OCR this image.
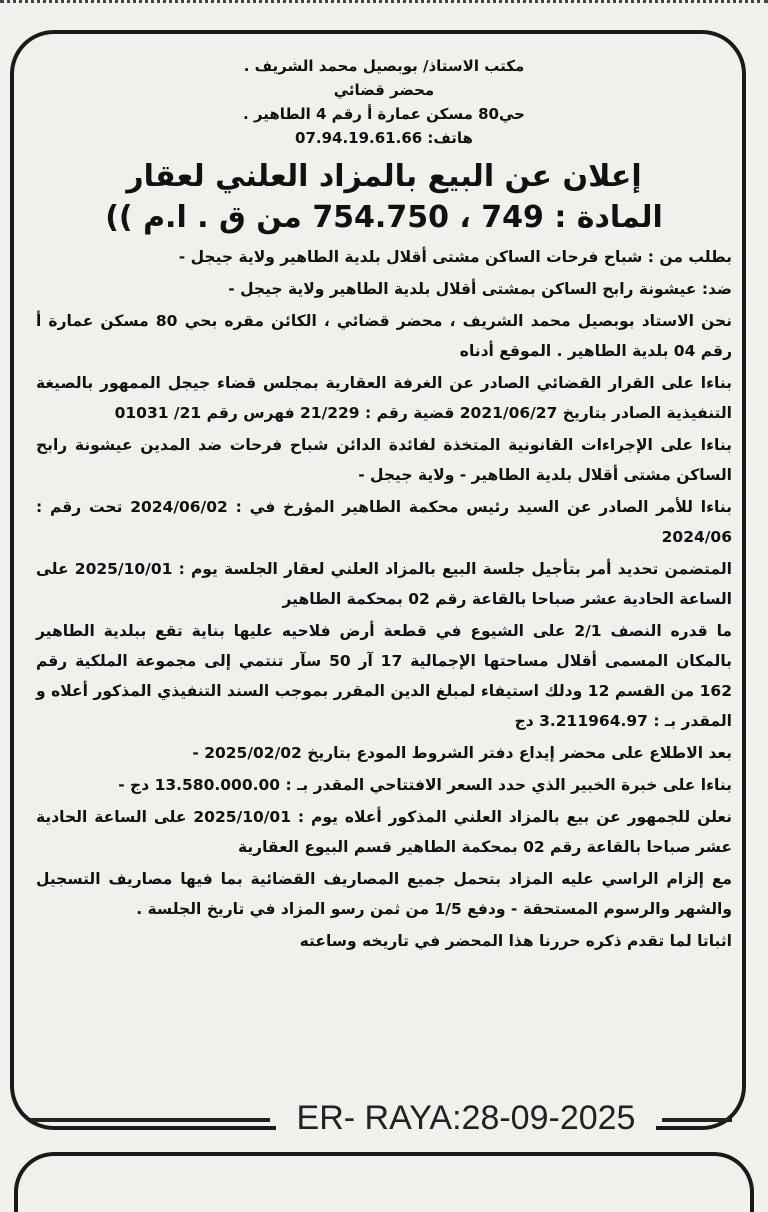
مكتب الاستاذ/ بوبصيل محمد الشريف .
محضر قضائي
حي80 مسكن عمارة أ رقم 4 الطاهير .
هاتف: 07.94.19.61.66
إعلان عن البيع بالمزاد العلني لعقار
المادة : 749 ، 754.750 من ق . ا.م ))

بطلب من : شباح فرحات الساكن مشتى أقلال بلدية الطاهير ولاية جيجل -

ضد: عيشونة رابح الساكن بمشتى أقلال بلدية الطاهير ولاية جيجل -

نحن الاستاد بوبصيل محمد الشريف ، محضر قضائي ، الكائن مقره بحي 80 مسكن عمارة أ رقم 04 بلدية الطاهير . الموقع أدناه

بناءا على القرار القضائي الصادر عن الغرفة العقارية بمجلس قضاء جيجل الممهور بالصيغة التنفيذية الصادر بتاريخ 2021/06/27 قضية رقم : 21/229 فهرس رقم 21/ 01031

بناءا على الإجراءات القانونية المتخذة لفائدة الدائن شباح فرحات ضد المدين عيشونة رابح الساكن مشتى أقلال بلدية الطاهير - ولاية جيجل -

بناءا للأمر الصادر عن السيد رئيس محكمة الطاهير المؤرخ في : 2024/06/02 تحت رقم : 2024/06

المتضمن تحديد أمر بتأجيل جلسة البيع بالمزاد العلني لعقار الجلسة يوم : 2025/10/01 على الساعة الحادية عشر صباحا بالقاعة رقم 02 بمحكمة الطاهير

ما قدره النصف 2/1 على الشيوع في قطعة أرض فلاحيه عليها بناية تقع ببلدية الطاهير بالمكان المسمى أقلال مساحتها الإجمالية 17 آر 50 سآر تنتمي إلى مجموعة الملكية رقم 162 من القسم 12 ودلك استيفاء لمبلغ الدين المقرر بموجب السند التنفيذي المذكور أعلاه و المقدر بـ : 3.211964.97 دج

بعد الاطلاع على محضر إيداع دفتر الشروط المودع بتاريخ 2025/02/02 -

بناءا على خبرة الخبير الذي حدد السعر الافتتاحي المقدر بـ : 13.580.000.00 دج -

نعلن للجمهور عن بيع بالمزاد العلني المذكور أعلاه يوم : 2025/10/01 على الساعة الحادية عشر صباحا بالقاعة رقم 02 بمحكمة الطاهير قسم البيوع العقارية

مع إلزام الراسي عليه المزاد بتحمل جميع المصاريف القضائية بما فيها مصاريف التسجيل والشهر والرسوم المستحقة - ودفع 1/5 من ثمن رسو المزاد في تاريخ الجلسة .

اثباتا لما تقدم ذكره حررنا هذا المحضر في تاريخه وساعته

ER- RAYA:28-09-2025
